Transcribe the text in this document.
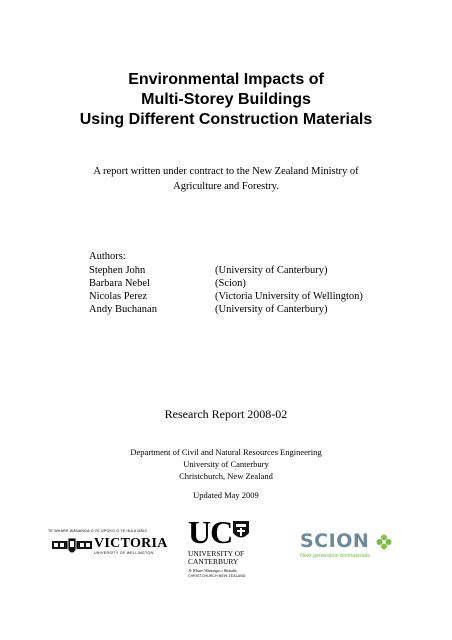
Environmental Impacts of
Multi-Storey Buildings
Using Different Construction Materials
A report written under contract to the New Zealand Ministry of
Agriculture and Forestry.
Authors:
Stephen John	(University of Canterbury)
Barbara Nebel	(Scion)
Nicolas Perez	(Victoria University of Wellington)
Andy Buchanan	(University of Canterbury)
Research Report 2008-02
Department of Civil and Natural Resources Engineering
University of Canterbury
Christchurch, New Zealand
Updated May 2009
TE WHARE WĀNANGA O TE ŪPOKO O TE IKA A MĀUI
VICTORIA
UNIVERSITY OF WELLINGTON
UC
UNIVERSITY OF
CANTERBURY
Te Whare Wānanga o Waitaha
CHRISTCHURCH NEW ZEALAND
SCION
Next generation biomaterials
